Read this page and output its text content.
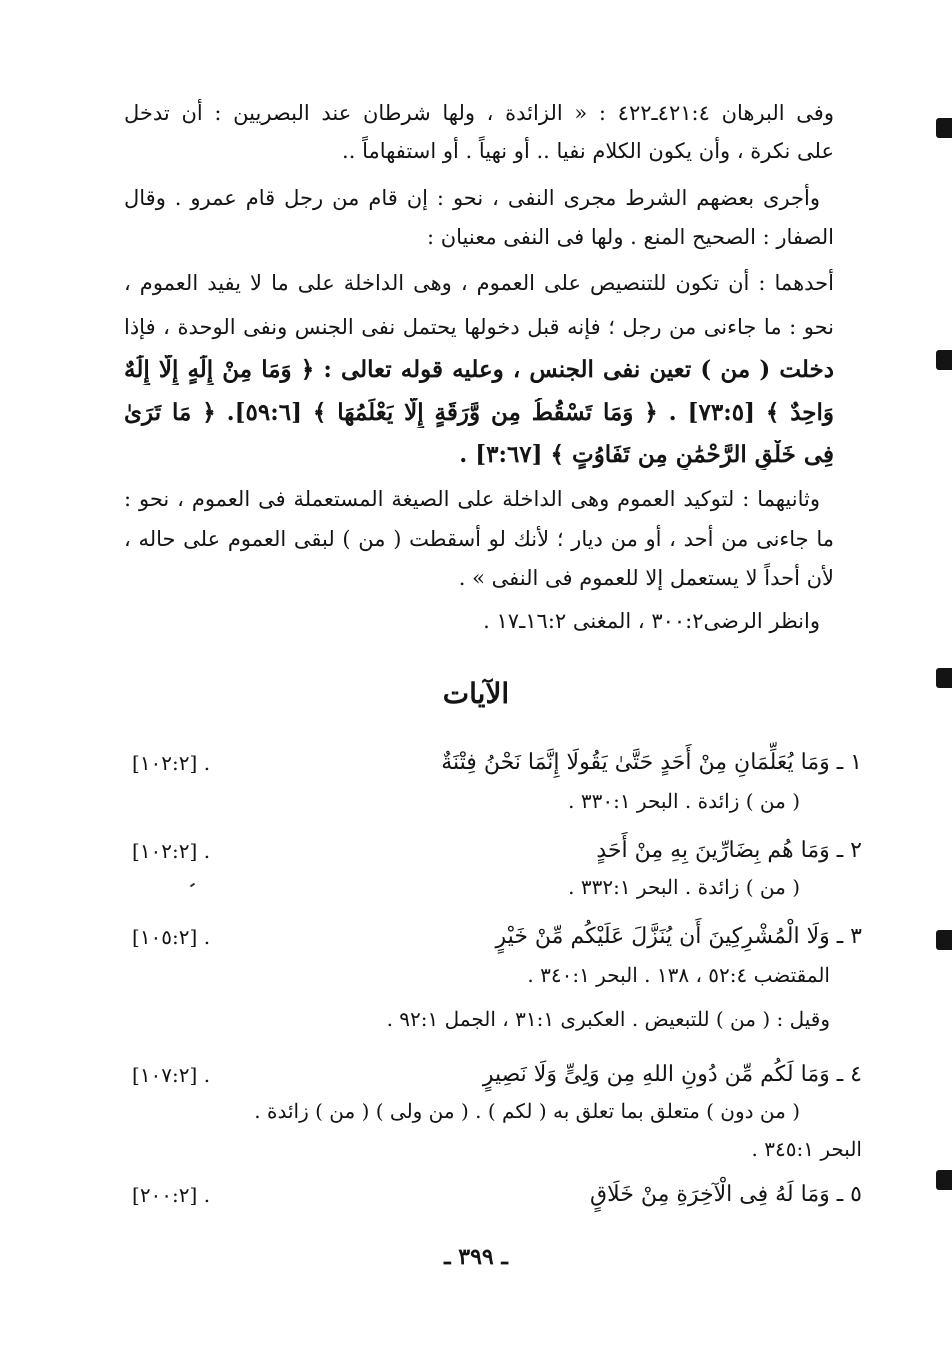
وفى البرهان ٤:‏٤٢١ـ٤٢٢ : « الزائدة ، ولها شرطان عند البصريين : أن تدخل
على نكرة ، وأن يكون الكلام نفيا .. أو نهياً . أو استفهاماً ..
وأجرى بعضهم الشرط مجرى النفى ، نحو : إن قام من رجل قام عمرو . وقال
الصفار : الصحيح المنع . ولها فى النفى معنيان :
أحدهما : أن تكون للتنصيص على العموم ، وهى الداخلة على ما لا يفيد العموم ،
نحو : ما جاءنى من رجل ؛ فإنه قبل دخولها يحتمل نفى الجنس ونفى الوحدة ، فإذا
دخلت ( من ) تعين نفى الجنس ، وعليه قوله تعالى : ﴿ وَمَا مِنْ إِلَٰهٍ إِلَّا إِلَٰهٌ
وَاحِدٌ ﴾ [٥:‏٧٣] . ﴿ وَمَا تَسْقُطُ مِن وَّرَقَةٍ إِلَّا يَعْلَمُهَا ﴾ [٦:‏٥٩]. ﴿ مَا تَرَىٰ
فِى خَلْقِ الرَّحْمَٰنِ مِن تَفَاوُتٍ ﴾ [٦٧:‏٣] .
وثانيهما : لتوكيد العموم وهى الداخلة على الصيغة المستعملة فى العموم ، نحو :
ما جاءنى من أحد ، أو من ديار ؛ لأنك لو أسقطت ( من ) لبقى العموم على حاله ،
لأن أحداً لا يستعمل إلا للعموم فى النفى » .
وانظر الرضى٢:‏٣٠٠ ، المغنى ٢:‏١٦ـ١٧ .
الآيات
١ ـ وَمَا يُعَلِّمَانِ مِنْ أَحَدٍ حَتَّىٰ يَقُولَا إِنَّمَا نَحْنُ فِتْنَةٌ
[١٠٢:٢] .
( من ) زائدة . البحر ١:‏٣٣٠ .
٢ ـ وَمَا هُم بِضَارِّينَ بِهِ مِنْ أَحَدٍ
[١٠٢:٢] .
( من ) زائدة . البحر ١:‏٣٣٢ .
٣ ـ وَلَا الْمُشْرِكِينَ أَن يُنَزَّلَ عَلَيْكُم مِّنْ خَيْرٍ
[١٠٥:٢] .
المقتضب ٤:‏٥٢ ، ١٣٨ . البحر ١:‏٣٤٠ .
وقيل : ( من ) للتبعيض . العكبرى ١:‏٣١ ، الجمل ١:‏٩٢ .
٤ ـ وَمَا لَكُم مِّن دُونِ اللهِ مِن وَلِىٍّ وَلَا نَصِيرٍ
[١٠٧:٢] .
( من دون ) متعلق بما تعلق به ( لكم ) . ( من ولى ) ( من ) زائدة .
البحر ١:‏٣٤٥ .
٥ ـ وَمَا لَهُ فِى الْآخِرَةِ مِنْ خَلَاقٍ
[٢٠٠:٢] .
ـ ٣٩٩ ـ
